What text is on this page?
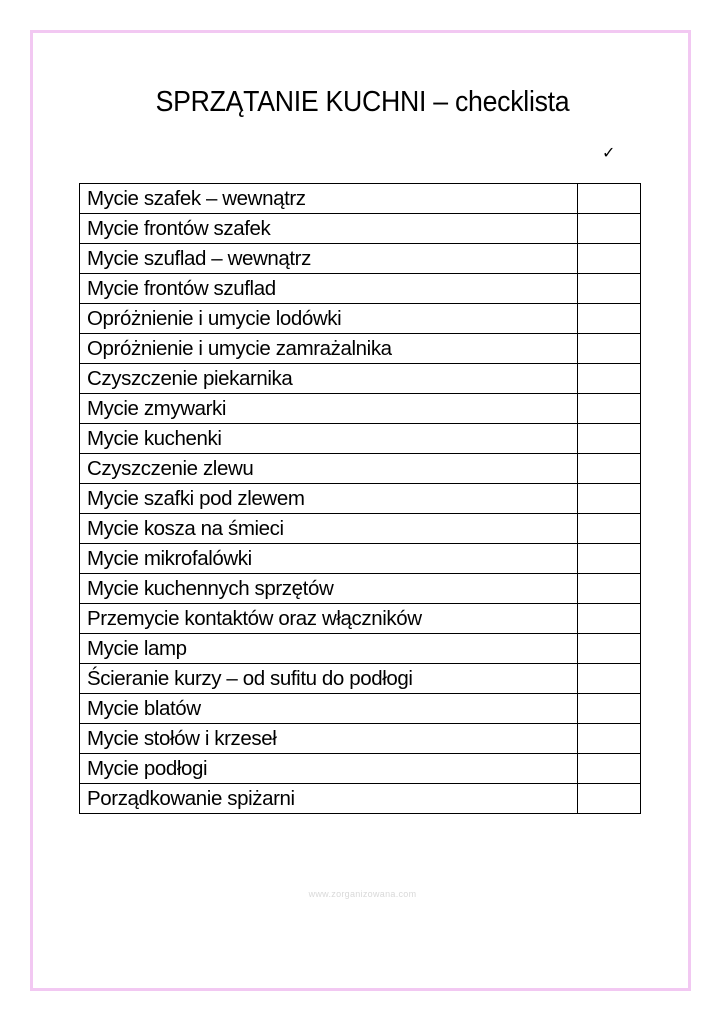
SPRZĄTANIE KUCHNI – checklista
✓
Mycie szafek – wewnątrz	
Mycie frontów szafek	
Mycie szuflad – wewnątrz	
Mycie frontów szuflad	
Opróżnienie i umycie lodówki	
Opróżnienie i umycie zamrażalnika	
Czyszczenie piekarnika	
Mycie zmywarki	
Mycie kuchenki	
Czyszczenie zlewu	
Mycie szafki pod zlewem	
Mycie kosza na śmieci	
Mycie mikrofalówki	
Mycie kuchennych sprzętów	
Przemycie kontaktów oraz włączników	
Mycie lamp	
Ścieranie kurzy – od sufitu do podłogi	
Mycie blatów	
Mycie stołów i krzeseł	
Mycie podłogi	
Porządkowanie spiżarni	
www.zorganizowana.com
